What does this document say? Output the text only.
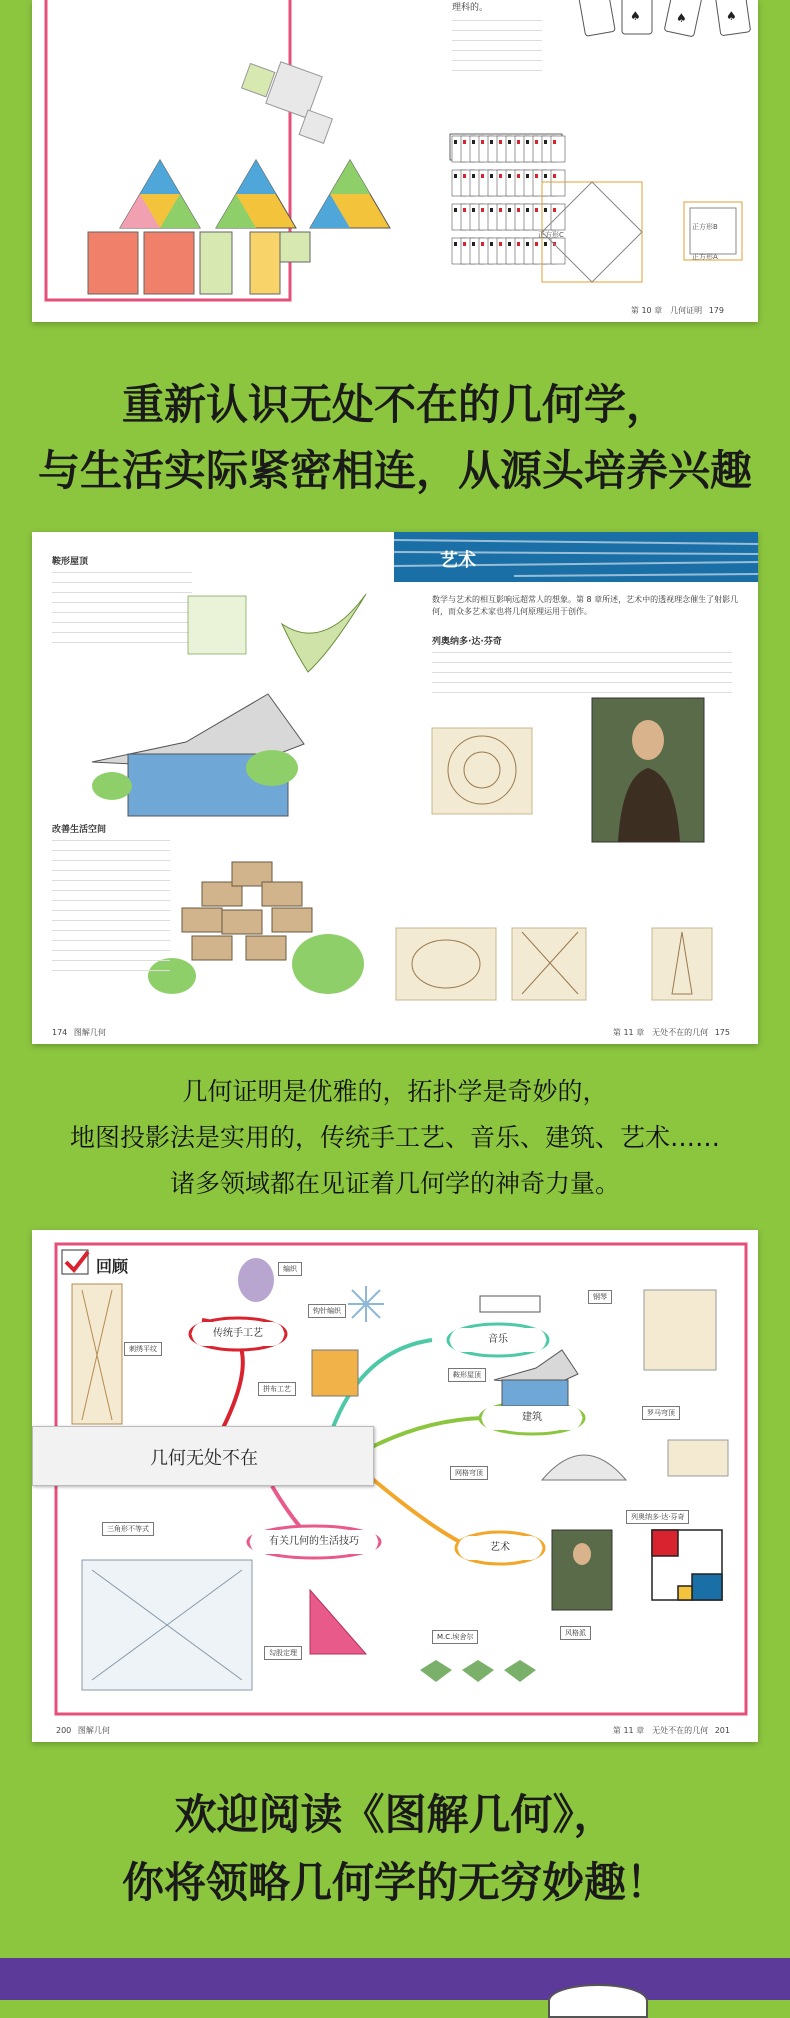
♠	♠	♠
理科的。
正方形C
正方形B
正方形A
第 10 章　几何证明 179
重新认识无处不在的几何学，
与生活实际紧密相连，从源头培养兴趣
艺术
鞍形屋顶
改善生活空间
数学与艺术的相互影响远超常人的想象。第 8 章所述，艺术中的透视理念催生了射影几何，而众多艺术家也将几何原理运用于创作。
列奥纳多·达·芬奇
174 图解几何	第 11 章　无处不在的几何 175
几何证明是优雅的，拓扑学是奇妙的，
地图投影法是实用的，传统手工艺、音乐、建筑、艺术……
诸多领域都在见证着几何学的神奇力量。
回顾
几何无处不在
传统手工艺
音乐
建筑
艺术
有关几何的生活技巧
编织
钩针编织
拼布工艺
刺绣平纹
钢琴
鞍形屋顶
网格穹顶
罗马穹顶
列奥纳多·达·芬奇
M.C.埃舍尔	风格派
三角形不等式
勾股定理
200 图解几何	第 11 章　无处不在的几何 201
欢迎阅读《图解几何》，
你将领略几何学的无穷妙趣！
